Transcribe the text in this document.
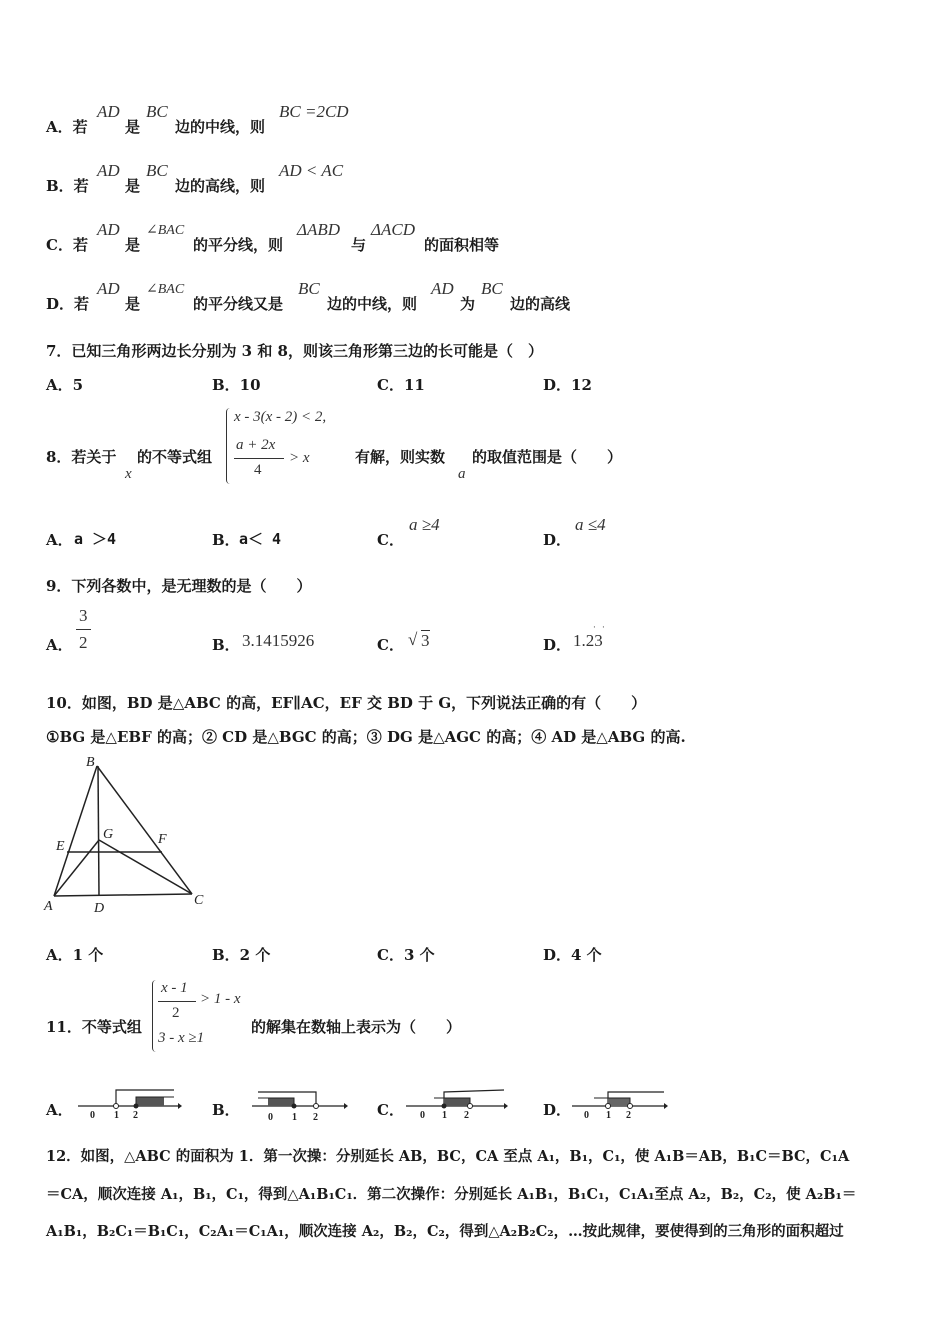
A．若
AD
是
BC
边的中线，则
BC =2CD
B．若
AD
是
BC
边的高线，则
AD < AC
C．若
AD
是
∠BAC
的平分线，则
ΔABD
与
ΔACD
的面积相等
D．若
AD
是
∠BAC
的平分线又是
BC
边的中线，则
AD
为
BC
边的高线
7．已知三角形两边长分别为 3 和 8，则该三角形第三边的长可能是（　）
A．5	B．10	C．11	D．12
8．若关于
x
的不等式组
x - 3(x - 2) < 2,
a + 2x
4
> x	有解，则实数
a
的取值范围是（　　）
A． a ＞4	B． a＜ 4	C．
a ≥4
D．
a ≤4
9．下列各数中，是无理数的是（　　）
A．
3
2	B． 3.1415926	C． √ 3	D． 1.23
· ·
10．如图，BD 是△ABC 的高，EF∥AC，EF 交 BD 于 G，下列说法正确的有（　　）
①BG 是△EBF 的高；② CD 是△BGC 的高；③ DG 是△AGC 的高；④ AD 是△ABG 的高.
B
E
G	F
A	D
C
A．1 个	B．2 个	C．3 个	D．4 个
11．不等式组
x - 1
2
> 1 - x
3 - x ≥1
的解集在数轴上表示为（　　）
A．	B．	C．	D．
0 1 2	0 1 2	0 1 2	0 1 2
12．如图，△ABC 的面积为 1．第一次操：分别延长 AB，BC，CA 至点 A₁，B₁，C₁，使 A₁B＝AB，B₁C＝BC，C₁A
＝CA，顺次连接 A₁，B₁，C₁，得到△A₁B₁C₁．第二次操作：分别延长 A₁B₁，B₁C₁，C₁A₁至点 A₂，B₂，C₂，使 A₂B₁＝
A₁B₁，B₂C₁＝B₁C₁，C₂A₁＝C₁A₁，顺次连接 A₂，B₂，C₂，得到△A₂B₂C₂，…按此规律，要使得到的三角形的面积超过
